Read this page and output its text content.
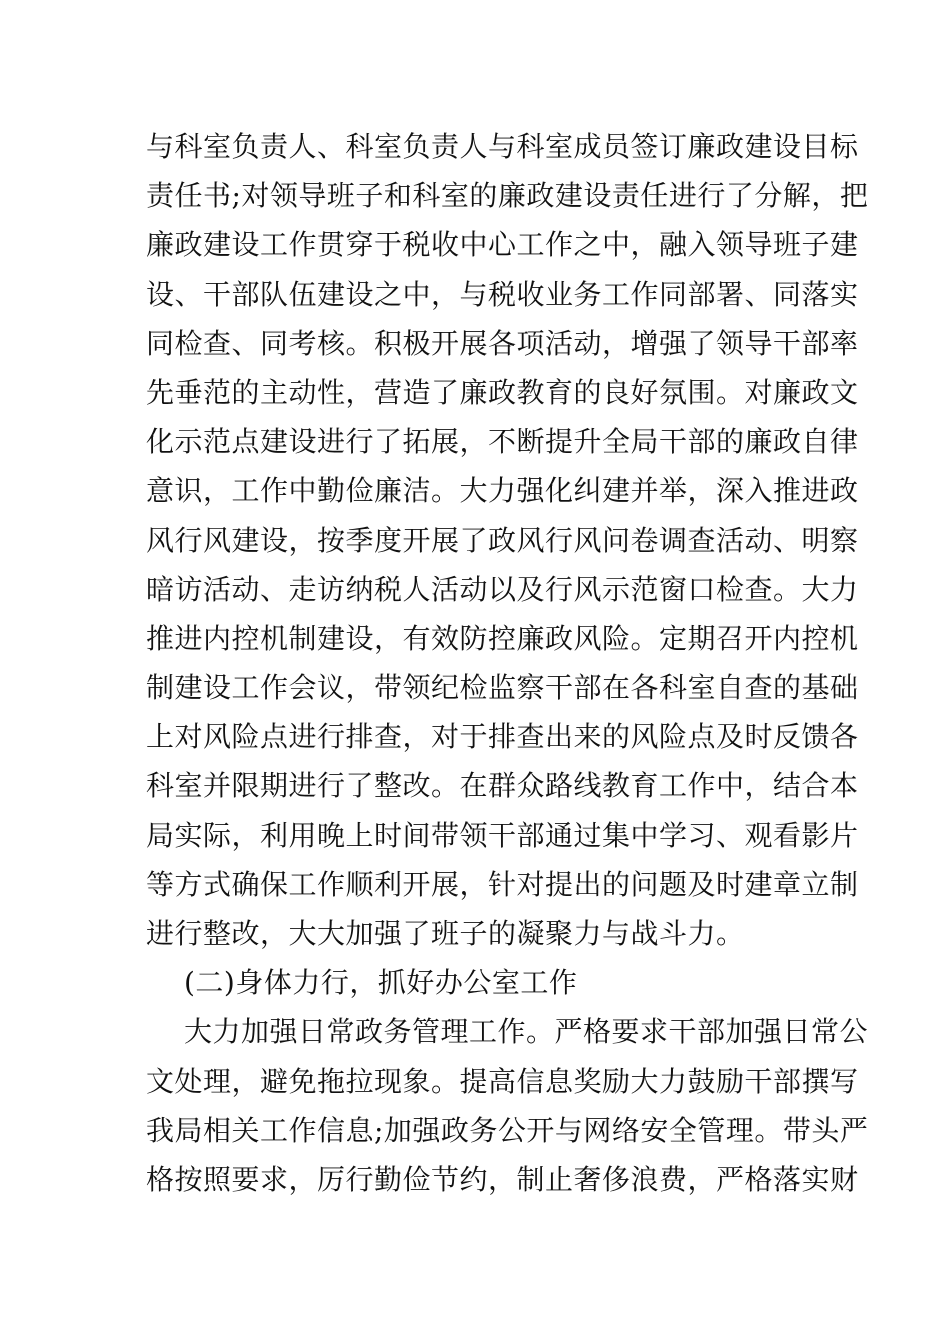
与科室负责人、科室负责人与科室成员签订廉政建设目标
责任书;对领导班子和科室的廉政建设责任进行了分解，把
廉政建设工作贯穿于税收中心工作之中，融入领导班子建
设、干部队伍建设之中，与税收业务工作同部署、同落实
同检查、同考核。积极开展各项活动，增强了领导干部率
先垂范的主动性，营造了廉政教育的良好氛围。对廉政文
化示范点建设进行了拓展，不断提升全局干部的廉政自律
意识，工作中勤俭廉洁。大力强化纠建并举，深入推进政
风行风建设，按季度开展了政风行风问卷调查活动、明察
暗访活动、走访纳税人活动以及行风示范窗口检查。大力
推进内控机制建设，有效防控廉政风险。定期召开内控机
制建设工作会议，带领纪检监察干部在各科室自查的基础
上对风险点进行排查，对于排查出来的风险点及时反馈各
科室并限期进行了整改。在群众路线教育工作中，结合本
局实际，利用晚上时间带领干部通过集中学习、观看影片
等方式确保工作顺利开展，针对提出的问题及时建章立制
进行整改，大大加强了班子的凝聚力与战斗力。
(二)身体力行，抓好办公室工作
大力加强日常政务管理工作。严格要求干部加强日常公
文处理，避免拖拉现象。提高信息奖励大力鼓励干部撰写
我局相关工作信息;加强政务公开与网络安全管理。带头严
格按照要求，厉行勤俭节约，制止奢侈浪费，严格落实财
